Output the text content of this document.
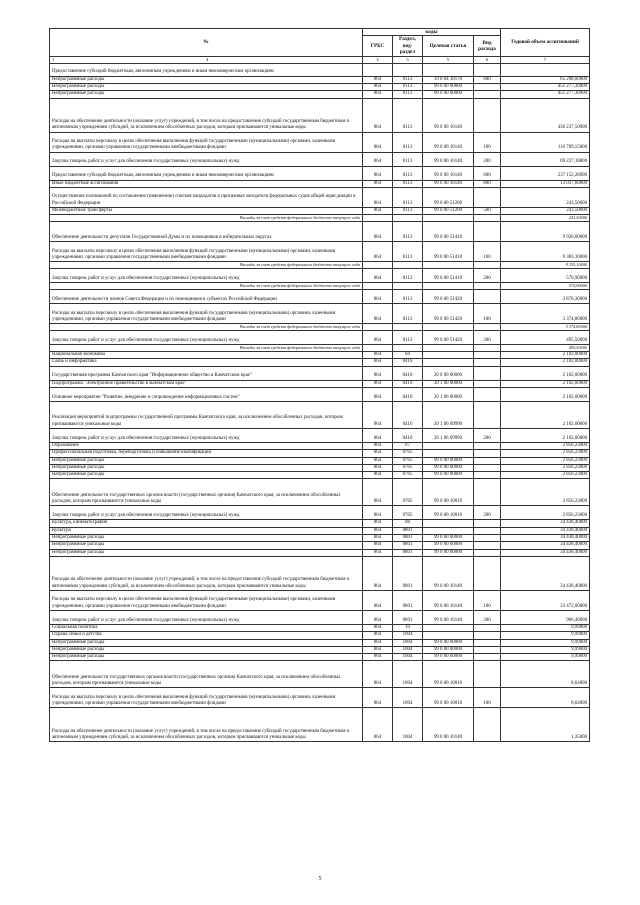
№	коды				Годовой объем ассигнований
	ГРБС	Раздел, под-раздел	Целевая статья	Вид расхода	

1 4	2	3	5	6	7
Предоставление субсидий бюджетным, автономным учреждениям и иным некоммерческим организациям					
Непрограммные расходы	864	0113	19 0 04 10170	600	65 298,00000
Непрограммные расходы	864	0113	99 0 00 00000		451 277,30900
Непрограммные расходы	864	0113	99 0 00 00000		451 277,30900
Расходы на обеспечение деятельности (оказание услуг) учреждений, в том числе на предоставление субсидий государственным бюджетным и автономным учреждениям субсидий, за исключением обособленных расходов, которым присваиваются уникальные коды	864	0113	99 0 00 10140		436 237,50900
Расходы на выплаты персоналу в целях обеспечения выполнения функций государственными (муниципальными) органами, казенными учреждениями, органами управления государственными внебюджетными фондами	864	0113	99 0 00 10140	100	116 709,15000
Закупка товаров, работ и услуг для обеспечения государственных (муниципальных) нужд	864	0113	99 0 00 10140	200	69 227,18800
Предоставление субсидий бюджетным, автономным учреждениям и иным некоммерческим организациям	864	0113	99 0 00 10140	600	237 152,28900
Иные бюджетные ассигнования	864	0113	99 0 00 10140	800	13 037,60000
Осуществление полномочий по составлению (изменению) списков кандидатов в присяжные заседатели федеральных судов общей юрисдикции в Российской Федерации	864	0113	99 0 00 51200		243,50000
Межбюджетные трансферты	864	0113	99 0 00 51200	500	243,50000
Расходы за счет средств федерального бюджета текущего года					243,50000
Обеспечение деятельности депутатов Государственной Думы и их помощников в избирательных округах	864	0113	99 0 00 51410		9 926,00000
Расходы на выплаты персоналу в целях обеспечения выполнения функций государственными (муниципальными) органами, казенными учреждениями, органами управления государственными внебюджетными фондами	864	0113	99 0 00 51410	100	9 383,10000
Расходы за счет средств федерального бюджета текущего года					9 355,10000
Закупка товаров, работ и услуг для обеспечения государственных (муниципальных) нужд	864	0113	99 0 00 51410	200	570,90000
Расходы за счет средств федерального бюджета текущего года					570,90000
Обеспечение деятельности членов Совета Федерации и их помощников в субъектах Российской Федерации	864	0113	99 0 00 51420		3 870,30000
Расходы на выплаты персоналу в целях обеспечения выполнения функций государственными (муниципальными) органами, казенными учреждениями, органами управления государственными внебюджетными фондами	864	0113	99 0 00 51420	100	3 374,80000
Расходы за счет средств федерального бюджета текущего года					3 374,80000
Закупка товаров, работ и услуг для обеспечения государственных (муниципальных) нужд	864	0113	99 0 00 51420	200	495,50000
Расходы за счет средств федерального бюджета текущего года					495,50000
Национальная экономика	864	04			2 102,00000
Связь и информатика	864	0410			2 102,00000
Государственная программа Камчатского края "Информационное общество в Камчатском крае"	864	0410	20 0 00 00000		2 102,00000
Подпрограмма "Электронное правительство в Камчатском крае"	864	0410	20 1 00 00000		2 102,00000
Основное мероприятие "Развитие, внедрение и сопровождение информационных систем"	864	0410	20 1 06 00000		2 102,00000
Реализация мероприятий подпрограммы государственной программы Камчатского края, за исключением обособленных расходов, которым присваиваются уникальные коды	864	0410	20 1 06 09990		2 102,00000
Закупка товаров, работ и услуг для обеспечения государственных (муниципальных) нужд	864	0410	20 1 06 09990	200	2 102,00000
Образование	864	07			2 856,23000
Профессиональная подготовка, переподготовка и повышение квалификации	864	0705			2 856,23000
Непрограммные расходы	864	0705	99 0 00 00000		2 856,23000
Непрограммные расходы	864	0705	99 0 00 00000		2 856,23000
Непрограммные расходы	864	0705	99 0 00 00000		2 856,23000
Обеспечение деятельности государственных органов власти (государственных органов) Камчатского края, за исключением обособленных расходов, которым присваиваются уникальные коды	864	0705	99 0 00 10010		2 856,23000
Закупка товаров, работ и услуг для обеспечения государственных (муниципальных) нужд	864	0705	99 0 00 10010	200	2 856,23000
Культура, кинематография	864	08			34 438,40000
Культура	864	0801			34 438,40000
Непрограммные расходы	864	0801	99 0 00 00000		34 438,40000
Непрограммные расходы	864	0801	99 0 00 00000		34 438,40000
Непрограммные расходы	864	0801	99 0 00 00000		34 438,40000
Расходы на обеспечение деятельности (оказание услуг) учреждений, в том числе на предоставление субсидий государственным бюджетным и автономным учреждениям субсидий, за исключением обособленных расходов, которым присваиваются уникальные коды	864	0801	99 0 00 10140		34 438,40000
Расходы на выплаты персоналу в целях обеспечения выполнения функций государственными (муниципальными) органами, казенными учреждениями, органами управления государственными внебюджетными фондами	864	0801	99 0 00 10140	100	33 472,00000
Закупка товаров, работ и услуг для обеспечения государственных (муниципальных) нужд	864	0801	99 0 00 10140	200	966,40000
Социальная политика	864	10			9,99000
Охрана семьи и детства	864	1004			9,99000
Непрограммные расходы	864	1004	99 0 00 00000		9,99000
Непрограммные расходы	864	1004	99 0 00 00000		9,99000
Непрограммные расходы	864	1004	99 0 00 00000		9,99000
Обеспечение деятельности государственных органов власти (государственных органов) Камчатского края, за исключением обособленных расходов, которым присваиваются уникальные коды	864	1004	99 0 00 10010		8,64000
Расходы на выплаты персоналу в целях обеспечения выполнения функций государственными (муниципальными) органами, казенными учреждениями, органами управления государственными внебюджетными фондами	864	1004	99 0 00 10010	100	8,64000
Расходы на обеспечение деятельности (оказание услуг) учреждений, в том числе на предоставление субсидий государственным бюджетным и автономным учреждениям субсидий, за исключением обособленных расходов, которым присваиваются уникальные коды	864	1004	99 0 00 10140		1,35000
5
